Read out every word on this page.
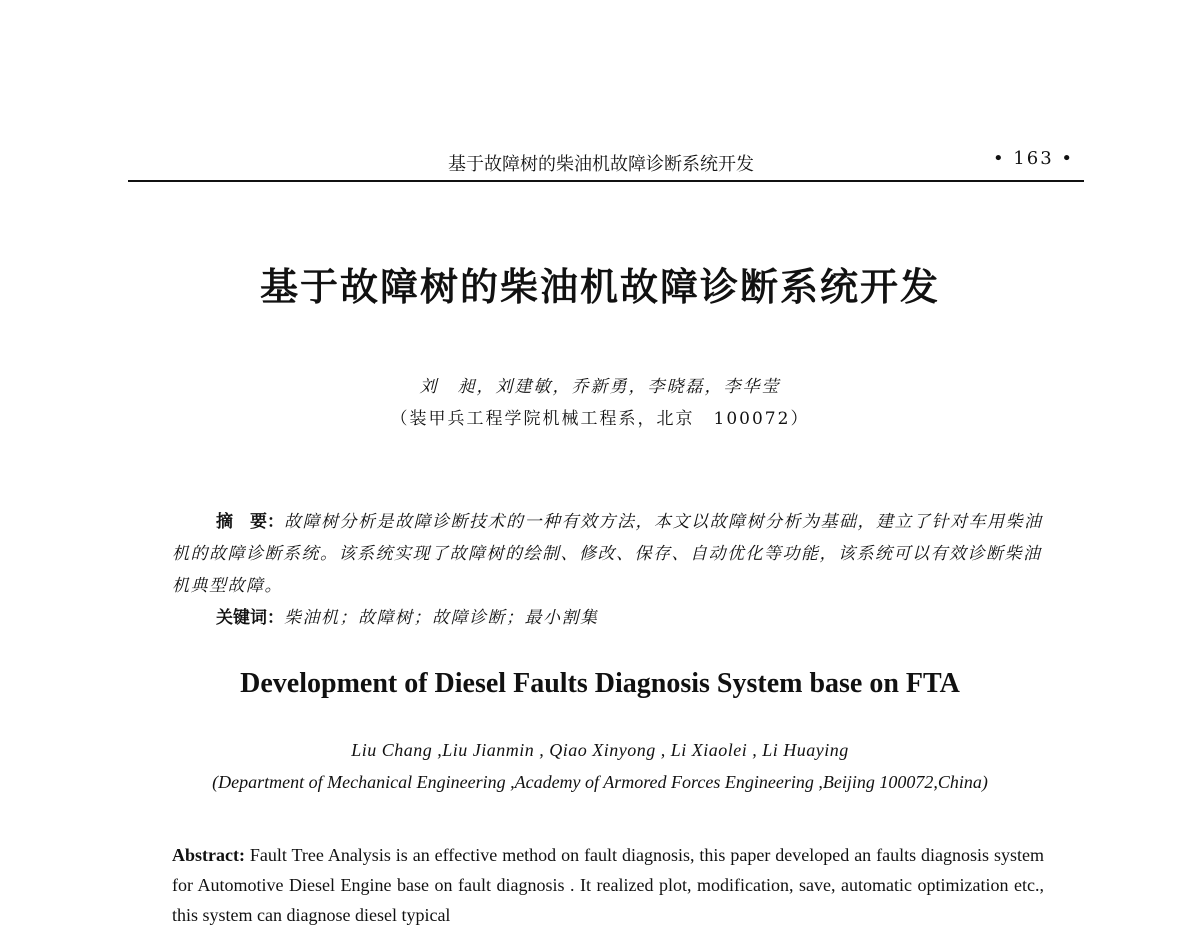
基于故障树的柴油机故障诊断系统开发	• 163 •
基于故障树的柴油机故障诊断系统开发
刘　昶，刘建敏，乔新勇，李晓磊，李华莹
（装甲兵工程学院机械工程系，北京　100072）

摘　要：故障树分析是故障诊断技术的一种有效方法，本文以故障树分析为基础，建立了针对车用柴油机的故障诊断系统。该系统实现了故障树的绘制、修改、保存、自动优化等功能，该系统可以有效诊断柴油机典型故障。

关键词：柴油机；故障树；故障诊断；最小割集

Development of Diesel Faults Diagnosis System base on FTA
Liu Chang ,Liu Jianmin , Qiao Xinyong , Li Xiaolei , Li Huaying
(Department of Mechanical Engineering ,Academy of Armored Forces Engineering ,Beijing 100072,China)
Abstract: Fault Tree Analysis is an effective method on fault diagnosis, this paper developed an faults diagnosis system for Automotive Diesel Engine base on fault diagnosis . It realized plot, modification, save, automatic optimization etc., this system can diagnose diesel typical
